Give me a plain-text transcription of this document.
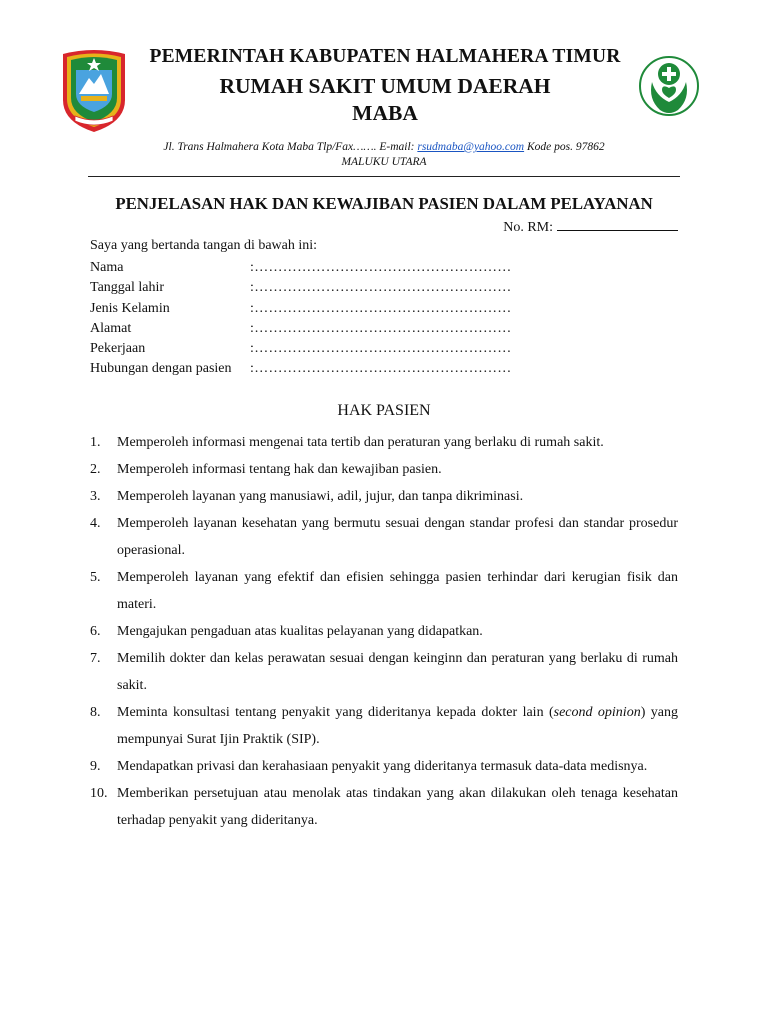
PEMERINTAH KABUPATEN HALMAHERA TIMUR
RUMAH SAKIT UMUM DAERAH
MABA
Jl. Trans Halmahera Kota Maba Tlp/Fax……. E-mail: rsudmaba@yahoo.com Kode pos. 97862
MALUKU UTARA
PENJELASAN HAK DAN KEWAJIBAN PASIEN DALAM PELAYANAN
No. RM:
Saya yang bertanda tangan di bawah ini:
Nama	:………………………………………………
Tanggal lahir	:………………………………………………
Jenis Kelamin	:………………………………………………
Alamat	:………………………………………………
Pekerjaan	:………………………………………………
Hubungan dengan pasien	:………………………………………………
HAK PASIEN
1.	Memperoleh informasi mengenai tata tertib dan peraturan yang berlaku di rumah sakit.
2.	Memperoleh informasi tentang hak dan kewajiban pasien.
3.	Memperoleh layanan yang manusiawi, adil, jujur, dan tanpa dikriminasi.
4.	Memperoleh layanan kesehatan yang bermutu sesuai dengan standar profesi dan standar prosedur operasional.
5.	Memperoleh layanan yang efektif dan efisien sehingga pasien terhindar dari kerugian fisik dan materi.
6.	Mengajukan pengaduan atas kualitas pelayanan yang didapatkan.
7.	Memilih dokter dan kelas perawatan sesuai dengan keinginn dan peraturan yang berlaku di rumah sakit.
8.	Meminta konsultasi tentang penyakit yang dideritanya kepada dokter lain (second opinion) yang mempunyai Surat Ijin Praktik (SIP).
9.	Mendapatkan privasi dan kerahasiaan penyakit yang dideritanya termasuk data-data medisnya.
10. Memberikan persetujuan atau menolak atas tindakan yang akan dilakukan oleh tenaga kesehatan terhadap penyakit yang dideritanya.
